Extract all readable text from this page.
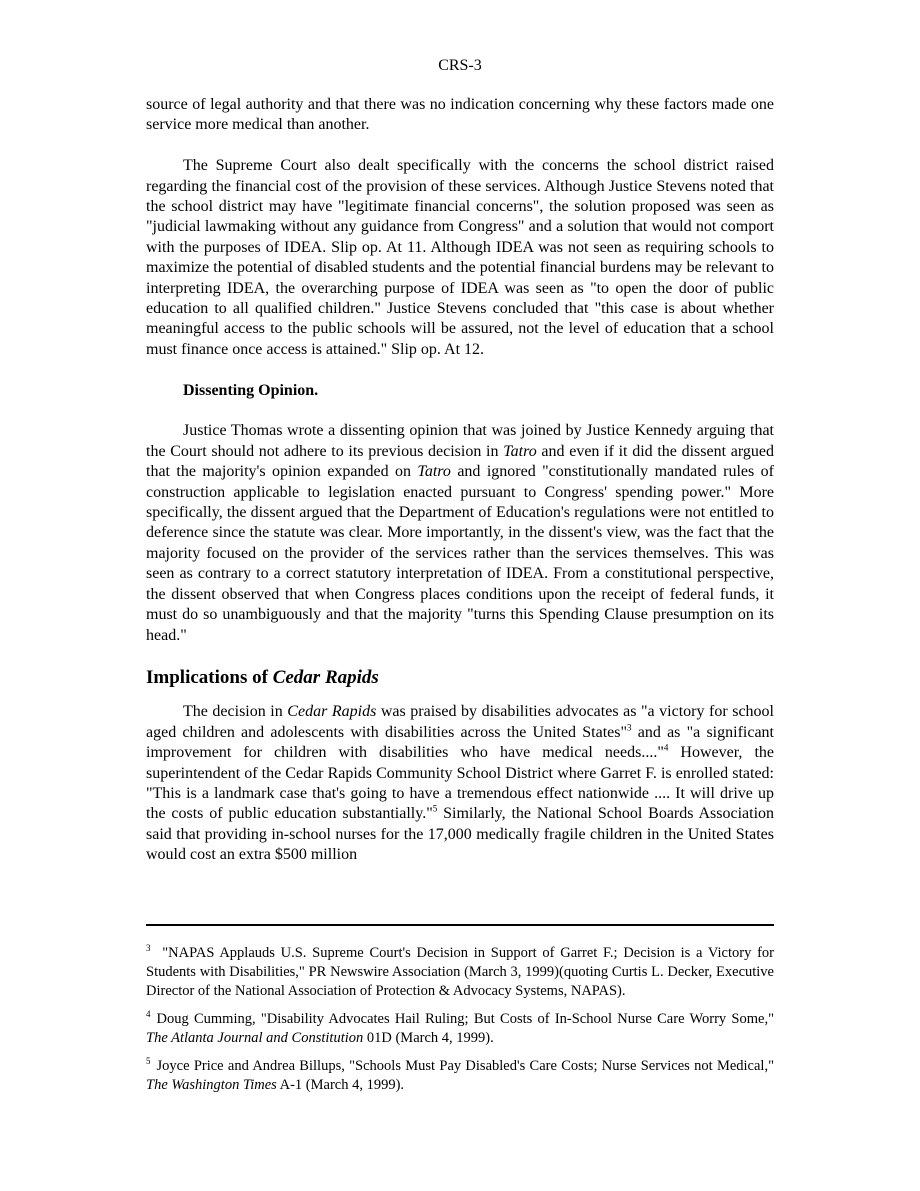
CRS-3

source of legal authority and that there was no indication concerning why these factors made one service more medical than another.

The Supreme Court also dealt specifically with the concerns the school district raised regarding the financial cost of the provision of these services. Although Justice Stevens noted that the school district may have "legitimate financial concerns", the solution proposed was seen as "judicial lawmaking without any guidance from Congress" and a solution that would not comport with the purposes of IDEA. Slip op. At 11. Although IDEA was not seen as requiring schools to maximize the potential of disabled students and the potential financial burdens may be relevant to interpreting IDEA, the overarching purpose of IDEA was seen as "to open the door of public education to all qualified children." Justice Stevens concluded that "this case is about whether meaningful access to the public schools will be assured, not the level of education that a school must finance once access is attained." Slip op. At 12.

Dissenting Opinion.

Justice Thomas wrote a dissenting opinion that was joined by Justice Kennedy arguing that the Court should not adhere to its previous decision in Tatro and even if it did the dissent argued that the majority's opinion expanded on Tatro and ignored "constitutionally mandated rules of construction applicable to legislation enacted pursuant to Congress' spending power." More specifically, the dissent argued that the Department of Education's regulations were not entitled to deference since the statute was clear. More importantly, in the dissent's view, was the fact that the majority focused on the provider of the services rather than the services themselves. This was seen as contrary to a correct statutory interpretation of IDEA. From a constitutional perspective, the dissent observed that when Congress places conditions upon the receipt of federal funds, it must do so unambiguously and that the majority "turns this Spending Clause presumption on its head."

Implications of Cedar Rapids

The decision in Cedar Rapids was praised by disabilities advocates as "a victory for school aged children and adolescents with disabilities across the United States"$^3$ and as "a significant improvement for children with disabilities who have medical needs...."$^4$ However, the superintendent of the Cedar Rapids Community School District where Garret F. is enrolled stated: "This is a landmark case that's going to have a tremendous effect nationwide .... It will drive up the costs of public education substantially."$^5$ Similarly, the National School Boards Association said that providing in-school nurses for the 17,000 medically fragile children in the United States would cost an extra $500 million

$^3$ "NAPAS Applauds U.S. Supreme Court's Decision in Support of Garret F.; Decision is a Victory for Students with Disabilities," PR Newswire Association (March 3, 1999)(quoting Curtis L. Decker, Executive Director of the National Association of Protection & Advocacy Systems, NAPAS).
$^4$ Doug Cumming, "Disability Advocates Hail Ruling; But Costs of In-School Nurse Care Worry Some," The Atlanta Journal and Constitution 01D (March 4, 1999).
$^5$ Joyce Price and Andrea Billups, "Schools Must Pay Disabled's Care Costs; Nurse Services not Medical," The Washington Times A-1 (March 4, 1999).
